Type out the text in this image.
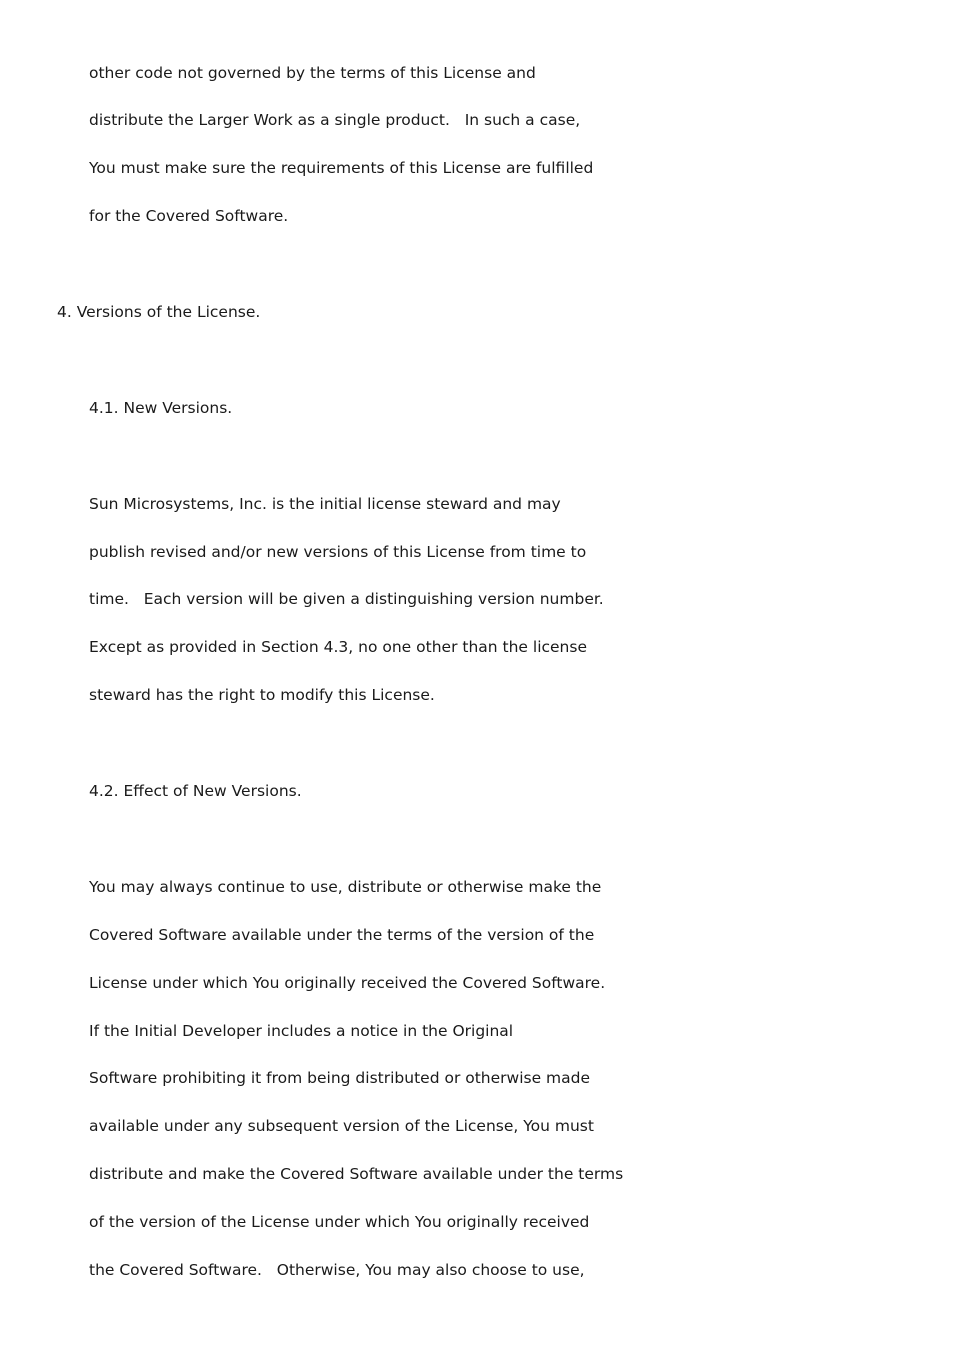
other code not governed by the terms of this License and

distribute the Larger Work as a single product.   In such a case,

You must make sure the requirements of this License are fulfilled

for the Covered Software.

4. Versions of the License.

4.1. New Versions.

Sun Microsystems, Inc. is the initial license steward and may

publish revised and/or new versions of this License from time to

time.   Each version will be given a distinguishing version number.

Except as provided in Section 4.3, no one other than the license

steward has the right to modify this License.

4.2. Effect of New Versions.

You may always continue to use, distribute or otherwise make the

Covered Software available under the terms of the version of the

License under which You originally received the Covered Software.

If the Initial Developer includes a notice in the Original

Software prohibiting it from being distributed or otherwise made

available under any subsequent version of the License, You must

distribute and make the Covered Software available under the terms

of the version of the License under which You originally received

the Covered Software.   Otherwise, You may also choose to use,
